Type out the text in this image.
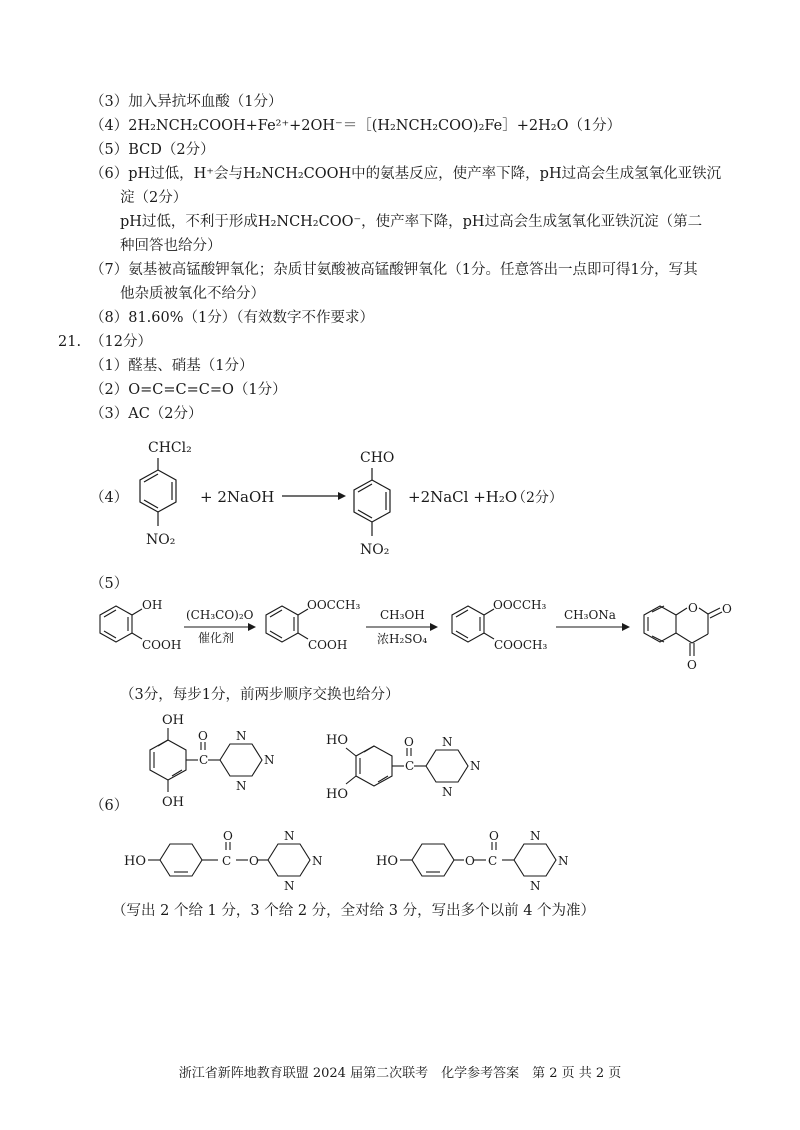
（3）加入异抗坏血酸（1分）
（4）2H₂NCH₂COOH+Fe²⁺+2OH⁻＝［(H₂NCH₂COO)₂Fe］+2H₂O（1分）
（5）BCD（2分）
（6）pH过低，H⁺会与H₂NCH₂COOH中的氨基反应，使产率下降，pH过高会生成氢氧化亚铁沉
淀（2分）
pH过低，不利于形成H₂NCH₂COO⁻，使产率下降，pH过高会生成氢氧化亚铁沉淀（第二
种回答也给分）
（7）氨基被高锰酸钾氧化；杂质甘氨酸被高锰酸钾氧化（1分。任意答出一点即可得1分，写其
他杂质被氧化不给分）
（8）81.60%（1分）（有效数字不作要求）
21. （12分）
（1）醛基、硝基（1分）
（2）O=C=C=C=O（1分）
（3）AC（2分）
（4）
CHCl₂
NO₂
+ 2NaOH
CHO
NO₂
+2NaCl +H₂O
（2分）
（5）
OH
COOH
(CH₃CO)₂O
催化剂
OOCCH₃
COOH
CH₃OH
浓H₂SO₄
OOCCH₃
COOCH₃
CH₃ONa	O O
O
（3分，每步1分，前两步顺序交换也给分）
（6）
OH
OH
O
C
N
N
N
HO
HO
O
C
N
N
N
HO
O
C O
N
N
N
HO	O
O
C
N
N
N
（写出 2 个给 1 分，3 个给 2 分，全对给 3 分，写出多个以前 4 个为准）
浙江省新阵地教育联盟 2024 届第二次联考　化学参考答案　第 2 页 共 2 页
